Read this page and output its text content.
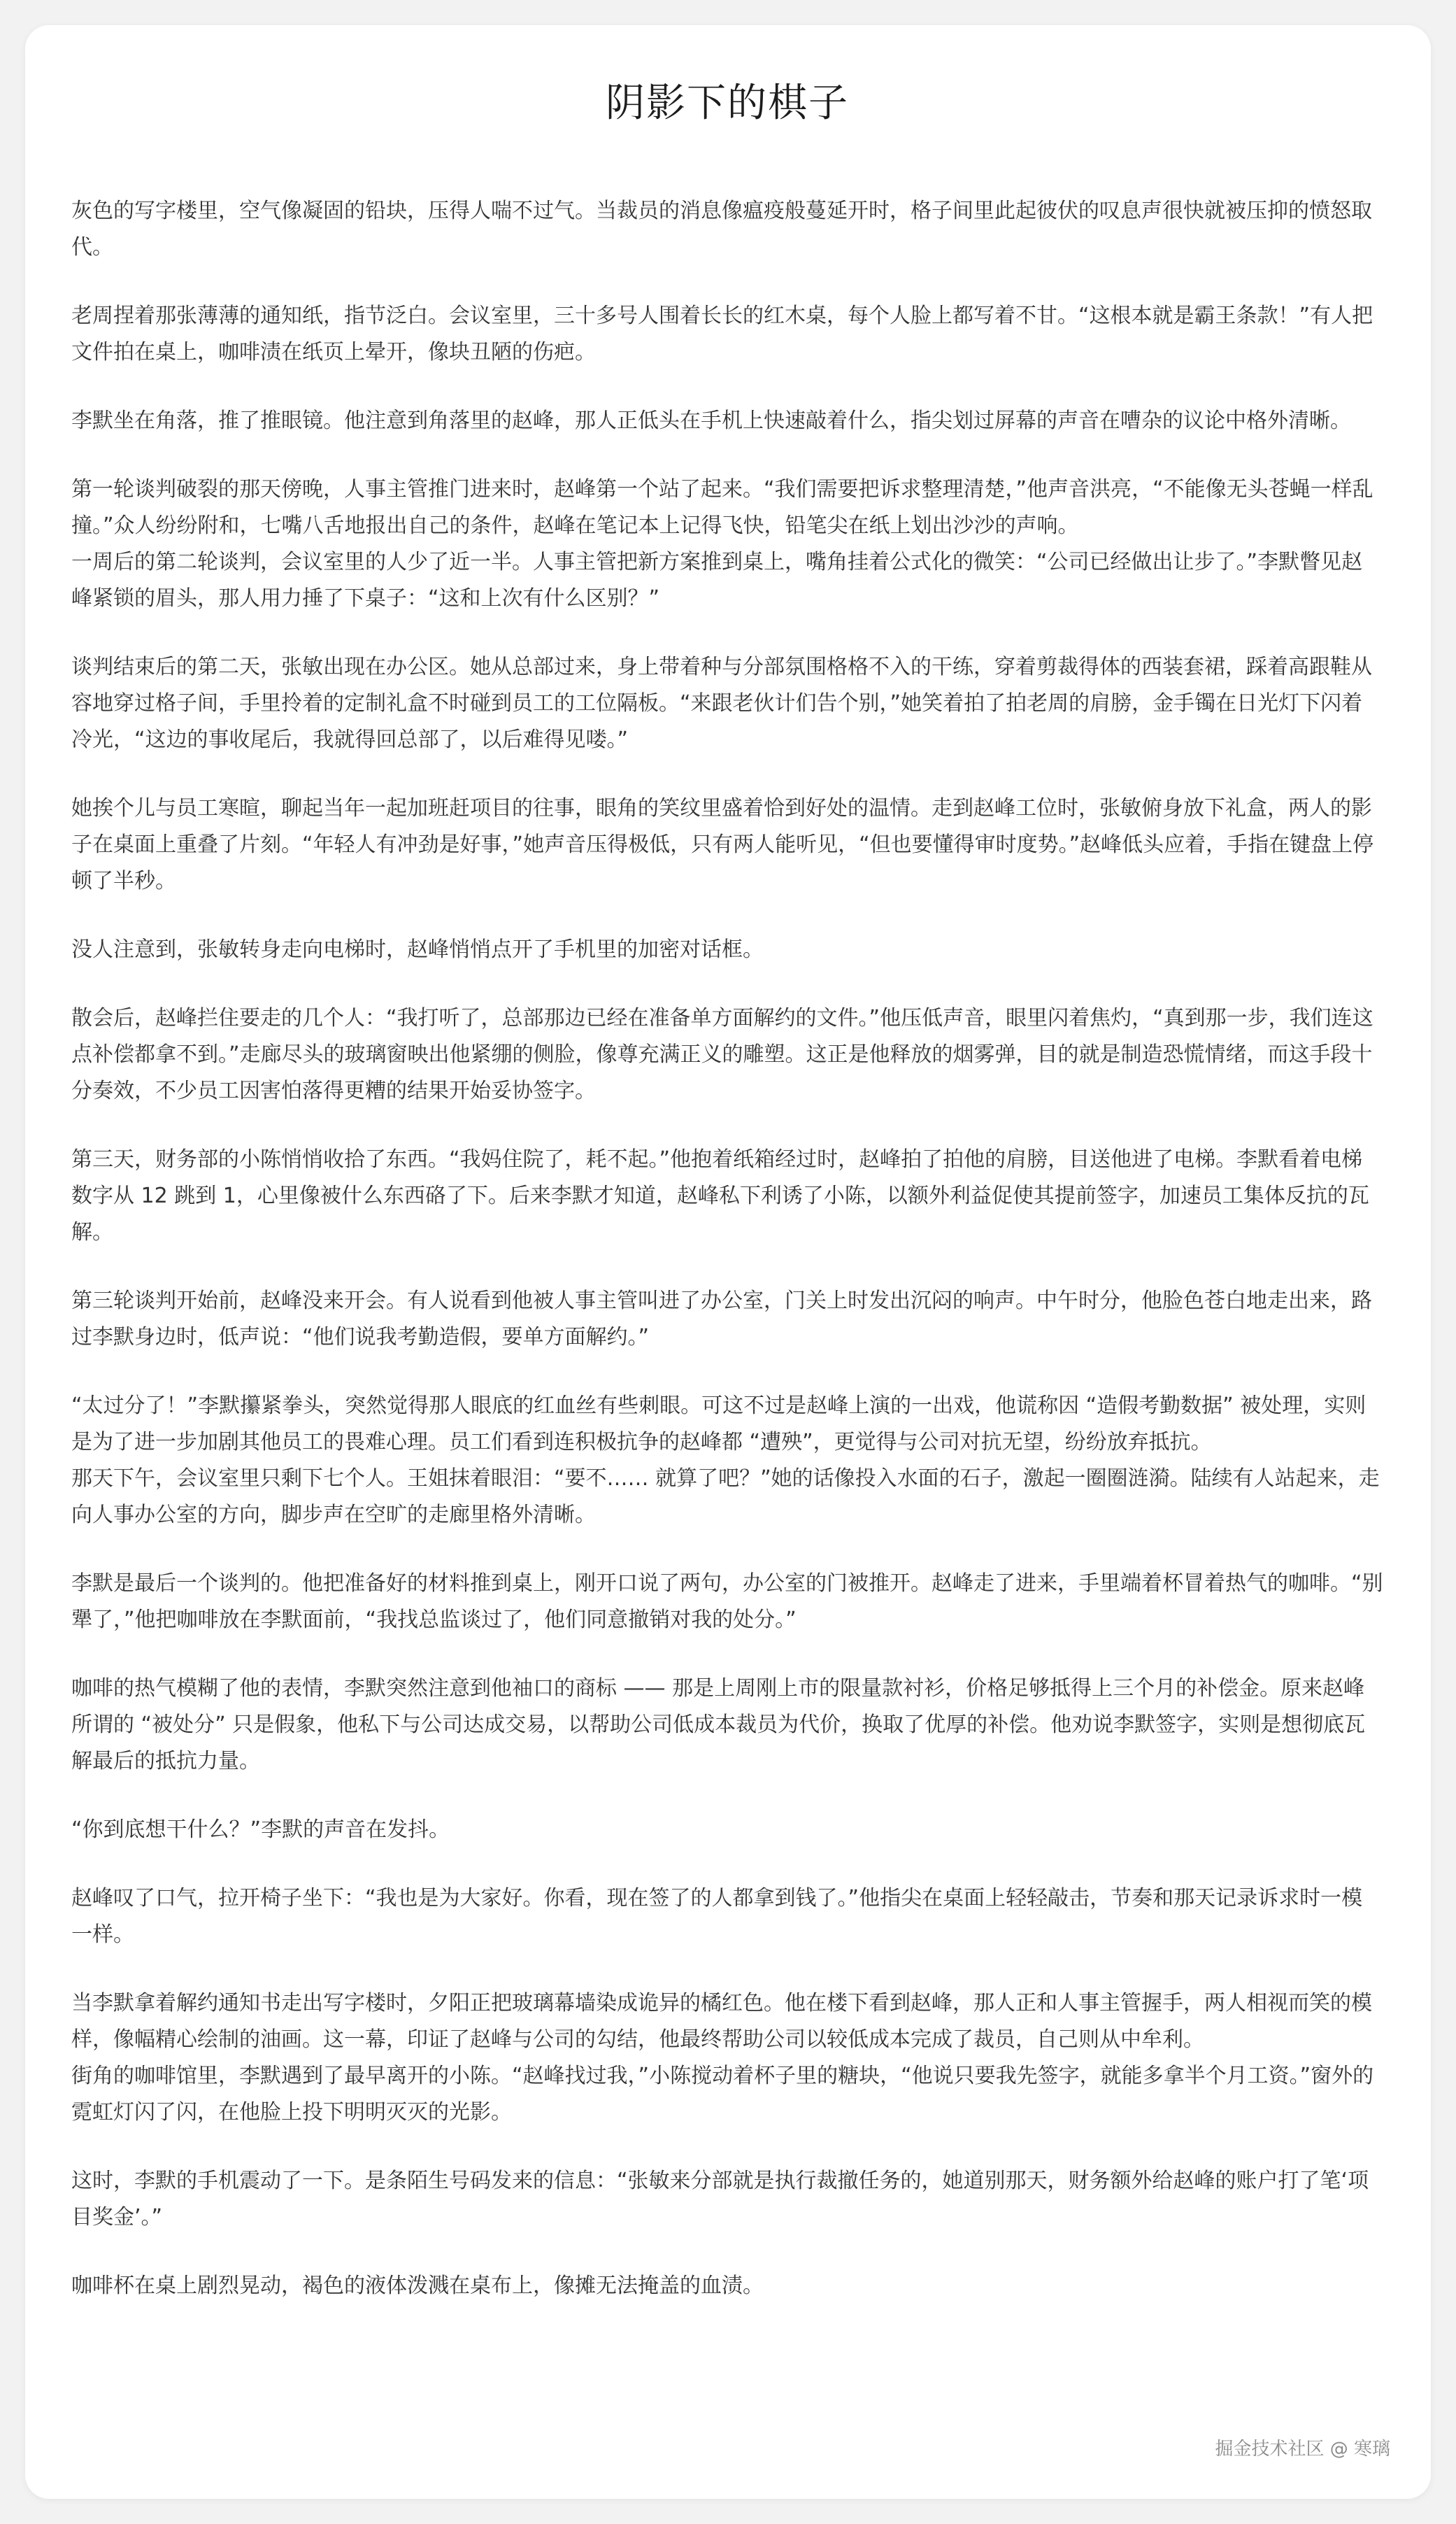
阴影下的棋子

灰色的写字楼里，空气像凝固的铅块，压得人喘不过气。当裁员的消息像瘟疫般蔓延开时，格子间里此起彼伏的叹息声很快就被压抑的愤怒取代。

老周捏着那张薄薄的通知纸，指节泛白。会议室里，三十多号人围着长长的红木桌，每个人脸上都写着不甘。“这根本就是霸王条款！”有人把文件拍在桌上，咖啡渍在纸页上晕开，像块丑陋的伤疤。

李默坐在角落，推了推眼镜。他注意到角落里的赵峰，那人正低头在手机上快速敲着什么，指尖划过屏幕的声音在嘈杂的议论中格外清晰。

第一轮谈判破裂的那天傍晚，人事主管推门进来时，赵峰第一个站了起来。“我们需要把诉求整理清楚，”他声音洪亮，“不能像无头苍蝇一样乱撞。”众人纷纷附和，七嘴八舌地报出自己的条件，赵峰在笔记本上记得飞快，铅笔尖在纸上划出沙沙的声响。
一周后的第二轮谈判，会议室里的人少了近一半。人事主管把新方案推到桌上，嘴角挂着公式化的微笑：“公司已经做出让步了。”李默瞥见赵峰紧锁的眉头，那人用力捶了下桌子：“这和上次有什么区别？”

谈判结束后的第二天，张敏出现在办公区。她从总部过来，身上带着种与分部氛围格格不入的干练，穿着剪裁得体的西装套裙，踩着高跟鞋从容地穿过格子间，手里拎着的定制礼盒不时碰到员工的工位隔板。“来跟老伙计们告个别，”她笑着拍了拍老周的肩膀，金手镯在日光灯下闪着冷光，“这边的事收尾后，我就得回总部了，以后难得见喽。”

她挨个儿与员工寒暄，聊起当年一起加班赶项目的往事，眼角的笑纹里盛着恰到好处的温情。走到赵峰工位时，张敏俯身放下礼盒，两人的影子在桌面上重叠了片刻。“年轻人有冲劲是好事，”她声音压得极低，只有两人能听见，“但也要懂得审时度势。”赵峰低头应着，手指在键盘上停顿了半秒。

没人注意到，张敏转身走向电梯时，赵峰悄悄点开了手机里的加密对话框。

散会后，赵峰拦住要走的几个人：“我打听了，总部那边已经在准备单方面解约的文件。”他压低声音，眼里闪着焦灼，“真到那一步，我们连这点补偿都拿不到。”走廊尽头的玻璃窗映出他紧绷的侧脸，像尊充满正义的雕塑。这正是他释放的烟雾弹，目的就是制造恐慌情绪，而这手段十分奏效，不少员工因害怕落得更糟的结果开始妥协签字。

第三天，财务部的小陈悄悄收拾了东西。“我妈住院了，耗不起。”他抱着纸箱经过时，赵峰拍了拍他的肩膀，目送他进了电梯。李默看着电梯数字从 12 跳到 1，心里像被什么东西硌了下。后来李默才知道，赵峰私下利诱了小陈，以额外利益促使其提前签字，加速员工集体反抗的瓦解。

第三轮谈判开始前，赵峰没来开会。有人说看到他被人事主管叫进了办公室，门关上时发出沉闷的响声。中午时分，他脸色苍白地走出来，路过李默身边时，低声说：“他们说我考勤造假，要单方面解约。”

“太过分了！”李默攥紧拳头，突然觉得那人眼底的红血丝有些刺眼。可这不过是赵峰上演的一出戏，他谎称因 “造假考勤数据” 被处理，实则是为了进一步加剧其他员工的畏难心理。员工们看到连积极抗争的赵峰都 “遭殃”，更觉得与公司对抗无望，纷纷放弃抵抗。
那天下午，会议室里只剩下七个人。王姐抹着眼泪：“要不…… 就算了吧？”她的话像投入水面的石子，激起一圈圈涟漪。陆续有人站起来，走向人事办公室的方向，脚步声在空旷的走廊里格外清晰。

李默是最后一个谈判的。他把准备好的材料推到桌上，刚开口说了两句，办公室的门被推开。赵峰走了进来，手里端着杯冒着热气的咖啡。“别犟了，”他把咖啡放在李默面前，“我找总监谈过了，他们同意撤销对我的处分。”

咖啡的热气模糊了他的表情，李默突然注意到他袖口的商标 —— 那是上周刚上市的限量款衬衫，价格足够抵得上三个月的补偿金。原来赵峰所谓的 “被处分” 只是假象，他私下与公司达成交易，以帮助公司低成本裁员为代价，换取了优厚的补偿。他劝说李默签字，实则是想彻底瓦解最后的抵抗力量。

“你到底想干什么？”李默的声音在发抖。

赵峰叹了口气，拉开椅子坐下：“我也是为大家好。你看，现在签了的人都拿到钱了。”他指尖在桌面上轻轻敲击，节奏和那天记录诉求时一模一样。

当李默拿着解约通知书走出写字楼时，夕阳正把玻璃幕墙染成诡异的橘红色。他在楼下看到赵峰，那人正和人事主管握手，两人相视而笑的模样，像幅精心绘制的油画。这一幕，印证了赵峰与公司的勾结，他最终帮助公司以较低成本完成了裁员，自己则从中牟利。
街角的咖啡馆里，李默遇到了最早离开的小陈。“赵峰找过我，”小陈搅动着杯子里的糖块，“他说只要我先签字，就能多拿半个月工资。”窗外的霓虹灯闪了闪，在他脸上投下明明灭灭的光影。

这时，李默的手机震动了一下。是条陌生号码发来的信息：“张敏来分部就是执行裁撤任务的，她道别那天，财务额外给赵峰的账户打了笔‘项目奖金’。”

咖啡杯在桌上剧烈晃动，褐色的液体泼溅在桌布上，像摊无法掩盖的血渍。

掘金技术社区 @ 寒璃
